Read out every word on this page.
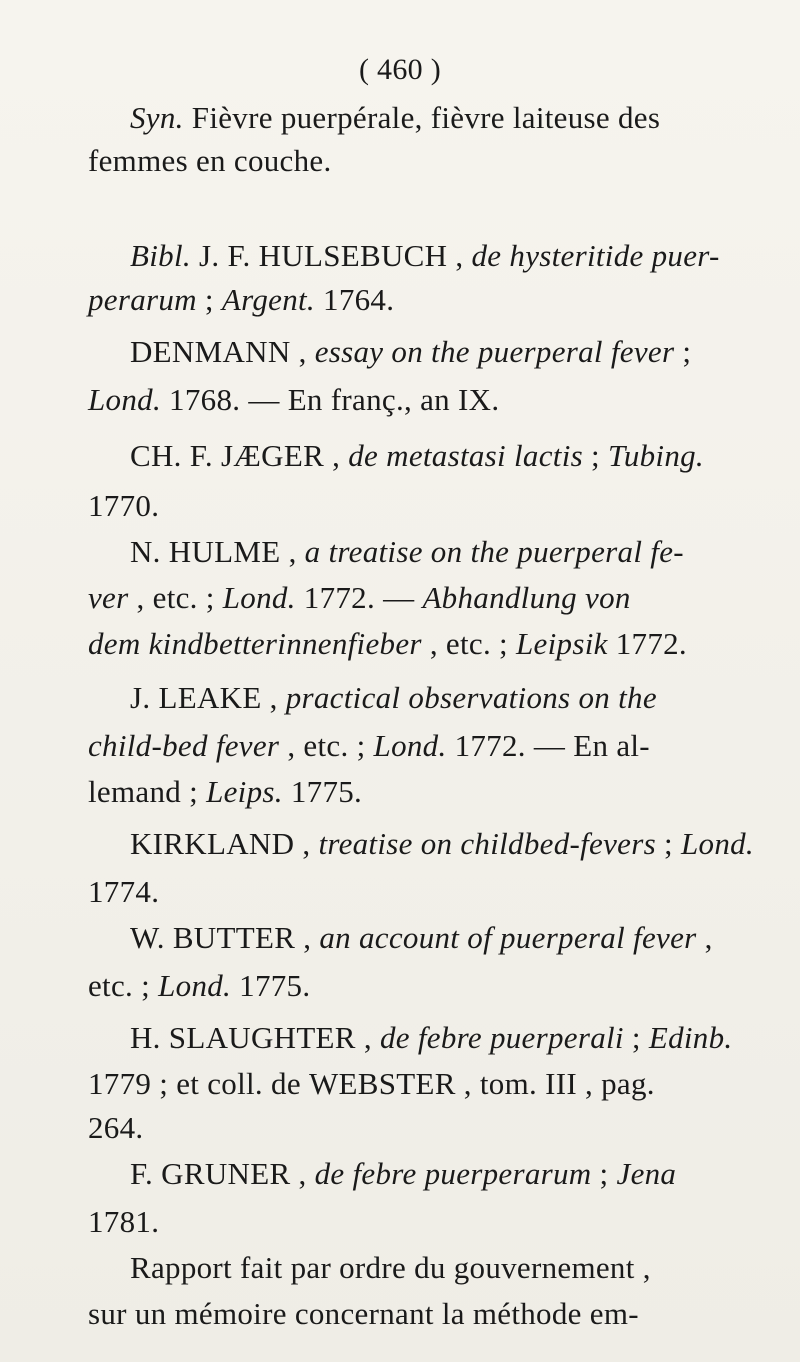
( 460 )
Syn. Fièvre puerpérale, fièvre laiteuse des
femmes en couche.
Bibl. J. F. HULSEBUCH , de hysteritide puer-
perarum ; Argent. 1764.
DENMANN , essay on the puerperal fever ;
Lond. 1768. — En franç., an IX.
CH. F. JÆGER , de metastasi lactis ; Tubing.
1770.
N. HULME , a treatise on the puerperal fe-
ver , etc. ; Lond. 1772. — Abhandlung von
dem kindbetterinnenfieber , etc. ; Leipsik 1772.
J. LEAKE , practical observations on the
child-bed fever , etc. ; Lond. 1772. — En al-
lemand ; Leips. 1775.
KIRKLAND , treatise on childbed-fevers ; Lond.
1774.
W. BUTTER , an account of puerperal fever ,
etc. ; Lond. 1775.
H. SLAUGHTER , de febre puerperali ; Edinb.
1779 ; et coll. de WEBSTER , tom. III , pag.
264.
F. GRUNER , de febre puerperarum ; Jena
1781.
Rapport fait par ordre du gouvernement ,
sur un mémoire concernant la méthode em-
